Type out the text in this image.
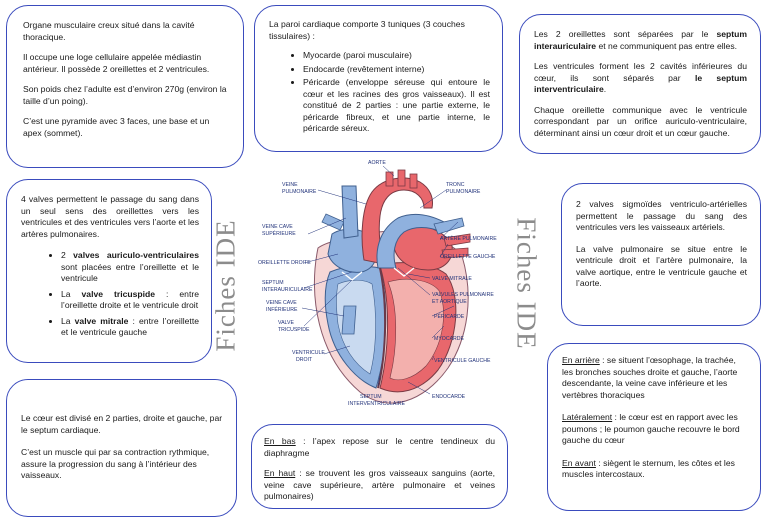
Organe musculaire creux situé dans la cavité thoracique.

Il occupe une loge cellulaire appelée médiastin antérieur. Il possède 2 oreillettes et 2 ventricules.

Son poids chez l’adulte est d’environ 270g (environ la taille d’un poing).

C’est une pyramide avec 3 faces, une base et un apex (sommet).

La paroi cardiaque comporte 3 tuniques (3 couches tissulaires) :

• Myocarde (paroi musculaire)
• Endocarde (revêtement interne)
• Péricarde (enveloppe séreuse qui entoure le cœur et les racines des gros vaisseaux). Il est constitué de 2 parties : une partie externe, le péricarde fibreux, et une partie interne, le péricarde séreux.

Les 2 oreillettes sont séparées par le septum interauriculaire et ne communiquent pas entre elles.

Les ventricules forment les 2 cavités inférieures du cœur, ils sont séparés par le septum interventriculaire.

Chaque oreillette communique avec le ventricule correspondant par un orifice auriculo-ventriculaire, déterminant ainsi un cœur droit et un cœur gauche.

4 valves permettent le passage du sang dans un seul sens des oreillettes vers les ventricules et des ventricules vers l’aorte et les artères pulmonaires.

• 2 valves auriculo-ventriculaires sont placées entre l’oreillette et le ventricule
• La valve tricuspide : entre l’oreillette droite et le ventricule droit
• La valve mitrale : entre l’oreillette et le ventricule gauche

2 valves sigmoïdes ventriculo-artérielles permettent le passage du sang des ventricules vers les vaisseaux artériels.

La valve pulmonaire se situe entre le ventricule droit et l’artère pulmonaire, la valve aortique, entre le ventricule gauche et l’aorte.

Le cœur est divisé en 2 parties, droite et gauche, par le septum cardiaque.

C’est un muscle qui par sa contraction rythmique, assure la progression du sang à l’intérieur des vaisseaux.

En bas : l’apex repose sur le centre tendineux du diaphragme

En haut : se trouvent les gros vaisseaux sanguins (aorte, veine cave supérieure, artère pulmonaire et veines pulmonaires)

En arrière : se situent l’œsophage, la trachée, les bronches souches droite et gauche, l’aorte descendante, la veine cave inférieure et les vertèbres thoraciques

Latéralement : le cœur est en rapport avec les poumons ; le poumon gauche recouvre le bord gauche du cœur

En avant : siègent le sternum, les côtes et les muscles intercostaux.

Fiches IDE	Fiches IDE
AORTE
VEINE
PULMONAIRE
TRONC
PULMONAIRE
VEINE CAVE
SUPÉRIEURE
ARTÈRE PULMONAIRE
OREILLETTE GAUCHE
OREILLETTE DROITE
SEPTUM
INTERAURICULAIRE
VALVE MITRALE
VEINE CAVE
INFÉRIEURE
VALVULES PULMONAIRE
ET AORTIQUE
VALVE
TRICUSPIDE
PÉRICARDE
MYOCARDE
VENTRICULE
DROIT	VENTRICULE GAUCHE
ENDOCARDE
SEPTUM
INTERVENTRICULAIRE
